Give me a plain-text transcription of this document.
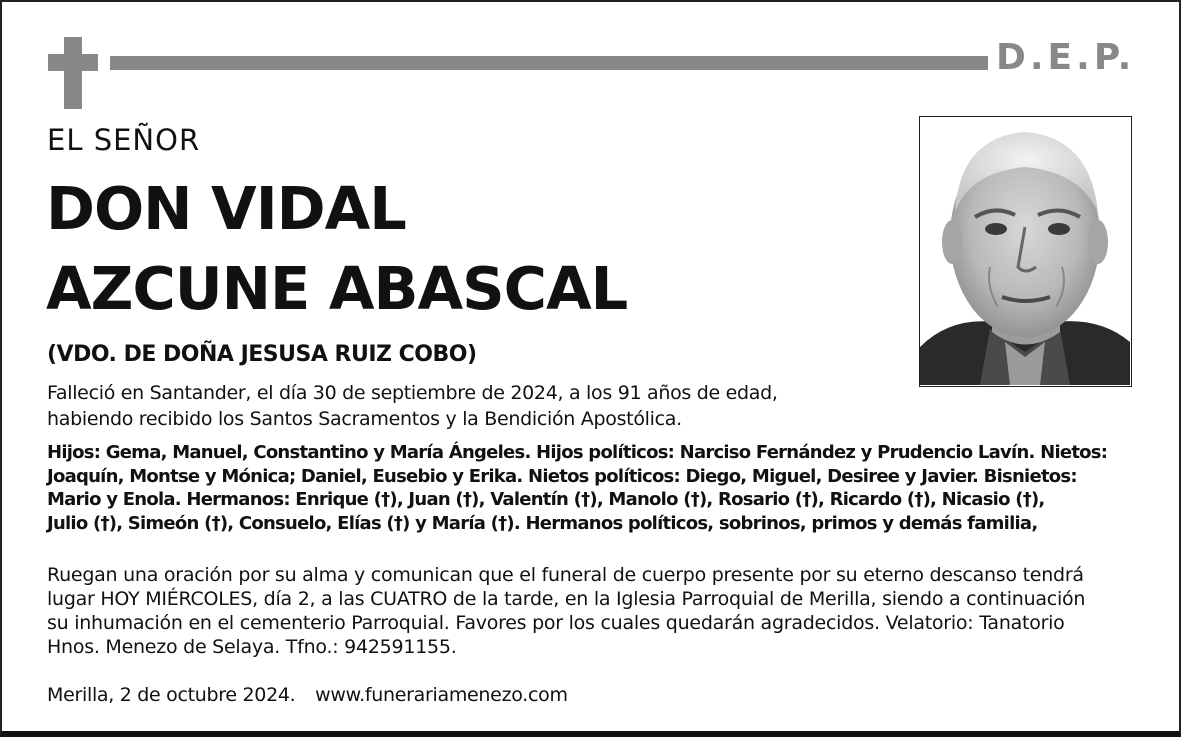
D.E.P.
EL SEÑOR
DON VIDAL
AZCUNE ABASCAL
(VDO. DE DOÑA JESUSA RUIZ COBO)
Falleció en Santander, el día 30 de septiembre de 2024, a los 91 años de edad,
habiendo recibido los Santos Sacramentos y la Bendición Apostólica.
Hijos: Gema, Manuel, Constantino y María Ángeles. Hijos políticos: Narciso Fernández y Prudencio Lavín. Nietos:
Joaquín, Montse y Mónica; Daniel, Eusebio y Erika. Nietos políticos: Diego, Miguel, Desiree y Javier. Bisnietos:
Mario y Enola. Hermanos: Enrique (†), Juan (†), Valentín (†), Manolo (†), Rosario (†), Ricardo (†), Nicasio (†),
Julio (†), Simeón (†), Consuelo, Elías (†) y María (†). Hermanos políticos, sobrinos, primos y demás familia,
Ruegan una oración por su alma y comunican que el funeral de cuerpo presente por su eterno descanso tendrá
lugar HOY MIÉRCOLES, día 2, a las CUATRO de la tarde, en la Iglesia Parroquial de Merilla, siendo a continuación
su inhumación en el cementerio Parroquial. Favores por los cuales quedarán agradecidos. Velatorio: Tanatorio
Hnos. Menezo de Selaya. Tfno.: 942591155.
Merilla, 2 de octubre 2024. www.funerariamenezo.com
